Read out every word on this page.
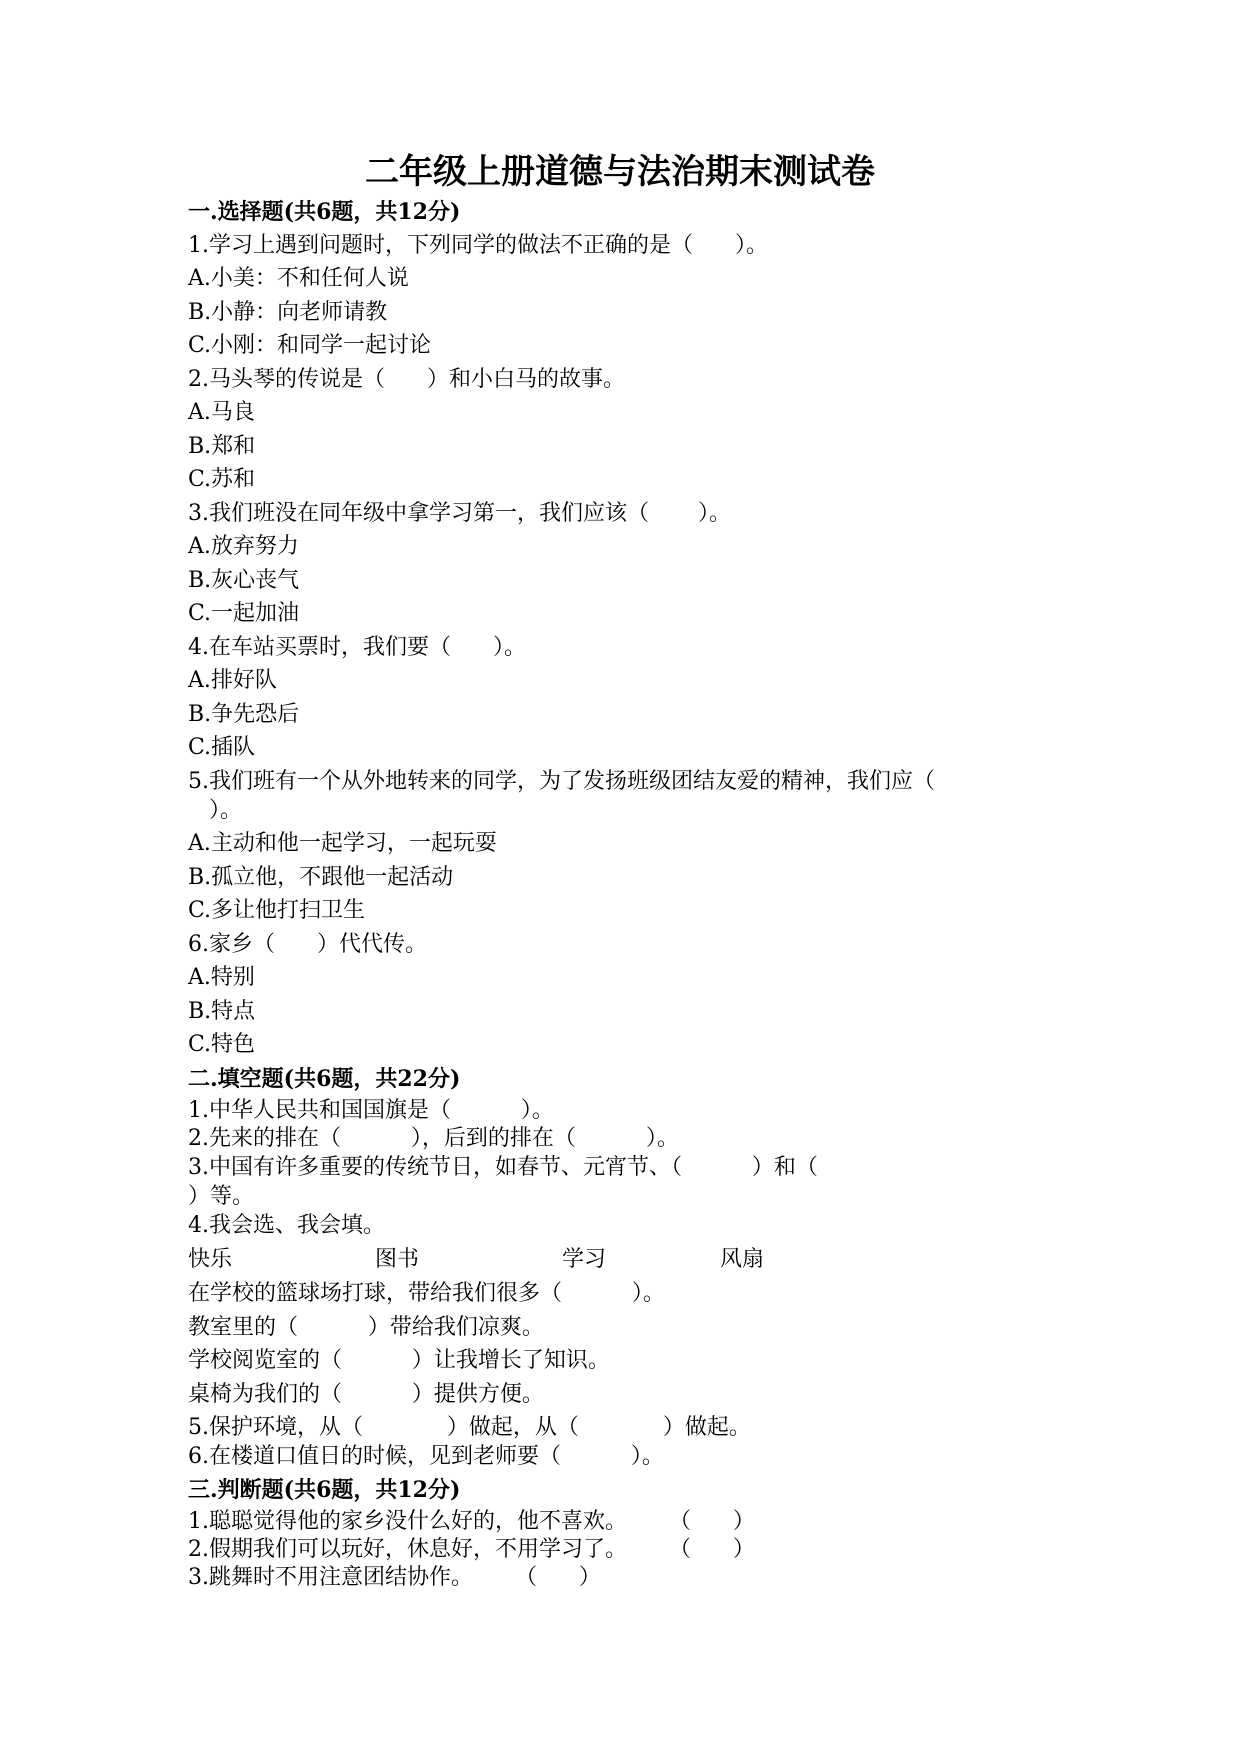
二年级上册道德与法治期末测试卷
一.选择题(共6题，共12分)
1.学习上遇到问题时，下列同学的做法不正确的是（      ）。
A.小美：不和任何人说
B.小静：向老师请教
C.小刚：和同学一起讨论
2.马头琴的传说是（      ）和小白马的故事。
A.马良
B.郑和
C.苏和
3.我们班没在同年级中拿学习第一，我们应该（       ）。
A.放弃努力
B.灰心丧气
C.一起加油
4.在车站买票时，我们要（      ）。
A.排好队
B.争先恐后
C.插队
5.我们班有一个从外地转来的同学，为了发扬班级团结友爱的精神，我们应（
）。
A.主动和他一起学习，一起玩耍
B.孤立他，不跟他一起活动
C.多让他打扫卫生
6.家乡（      ）代代传。
A.特别
B.特点
C.特色
二.填空题(共6题，共22分)
1.中华人民共和国国旗是（          ）。
2.先来的排在（          ），后到的排在（          ）。
3.中国有许多重要的传统节日，如春节、元宵节、（          ）和（
）等。
4.我会选、我会填。
快乐	图书	学习	风扇
在学校的篮球场打球，带给我们很多（          ）。
教室里的（          ）带给我们凉爽。
学校阅览室的（          ）让我增长了知识。
桌椅为我们的（          ）提供方便。
5.保护环境，从（            ）做起，从（            ）做起。
6.在楼道口值日的时候，见到老师要（          ）。
三.判断题(共6题，共12分)
1.聪聪觉得他的家乡没什么好的，他不喜欢。      （      ）
2.假期我们可以玩好，休息好，不用学习了。      （      ）
3.跳舞时不用注意团结协作。      （      ）
